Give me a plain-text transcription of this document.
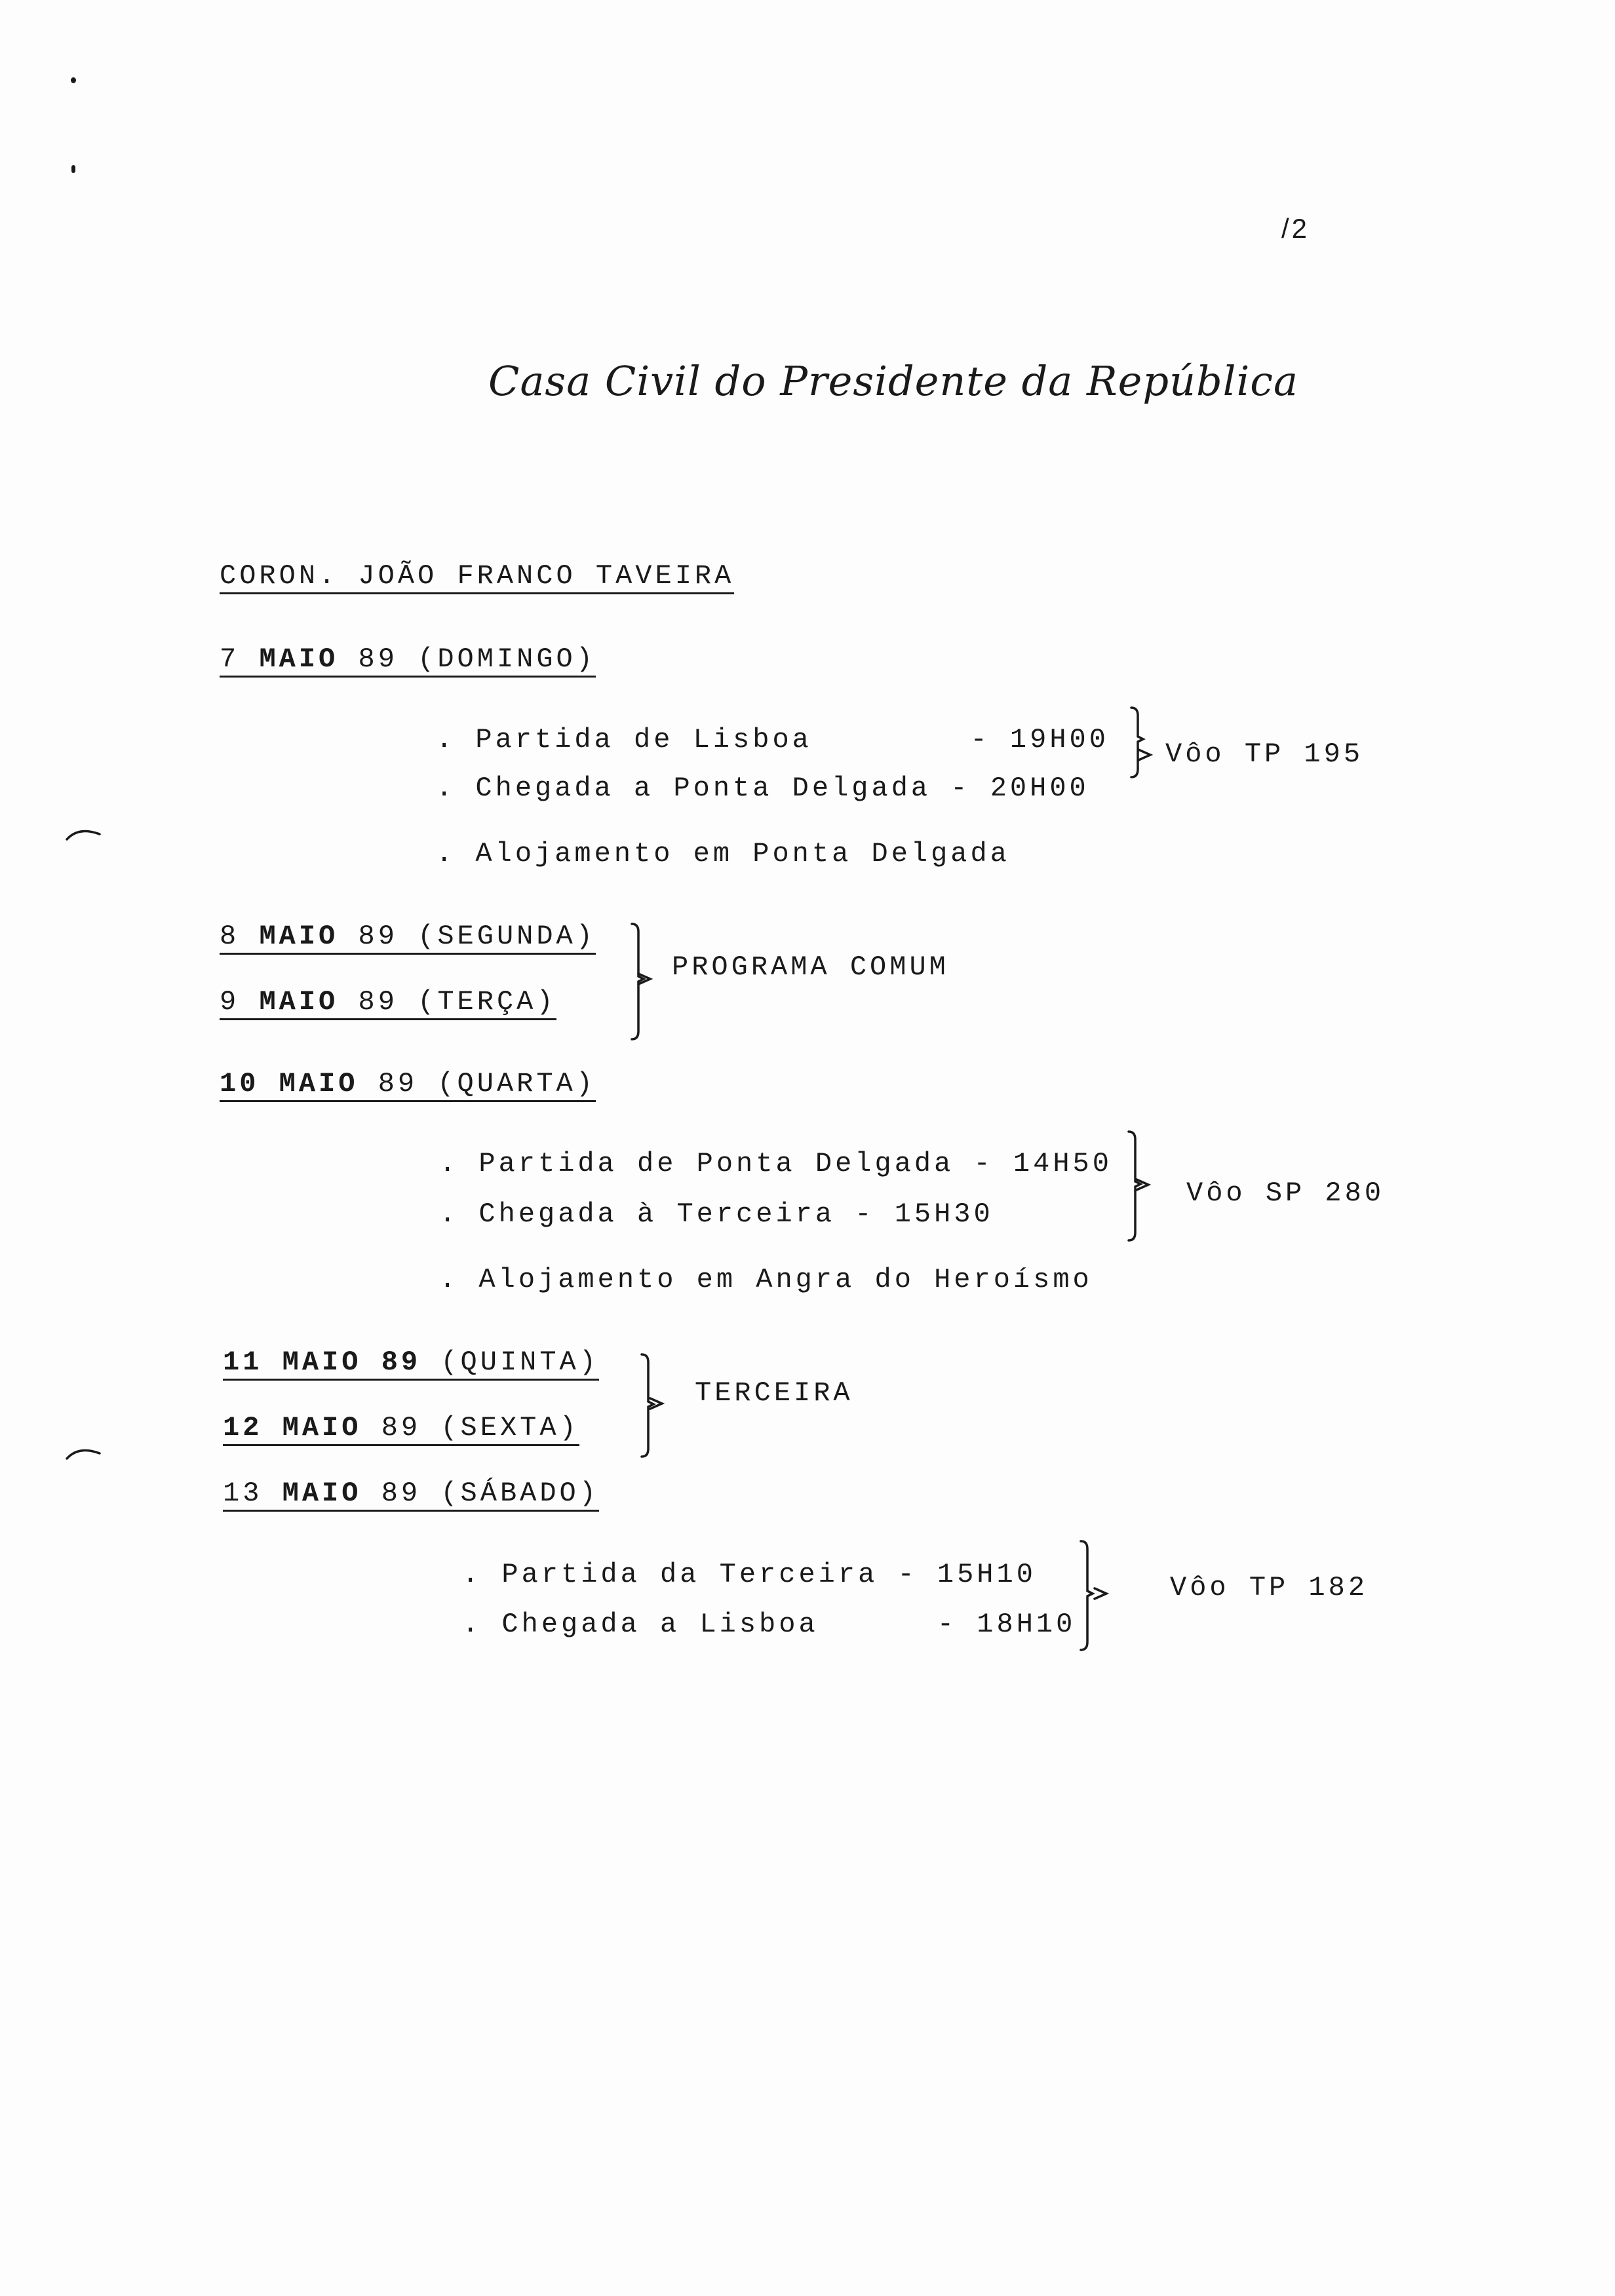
/2
Casa Civil do Presidente da República
CORON. JOÃO FRANCO TAVEIRA
7 MAIO 89 (DOMINGO)
. Partida de Lisboa        - 19H00
. Chegada a Ponta Delgada - 20H00
Vôo TP 195
. Alojamento em Ponta Delgada
8 MAIO 89 (SEGUNDA)
9 MAIO 89 (TERÇA)
PROGRAMA COMUM
10 MAIO 89 (QUARTA)
. Partida de Ponta Delgada - 14H50
. Chegada à Terceira - 15H30
Vôo SP 280
. Alojamento em Angra do Heroísmo
11 MAIO 89 (QUINTA)
12 MAIO 89 (SEXTA)
TERCEIRA
13 MAIO 89 (SÁBADO)
. Partida da Terceira - 15H10
. Chegada a Lisboa      - 18H10
Vôo TP 182
